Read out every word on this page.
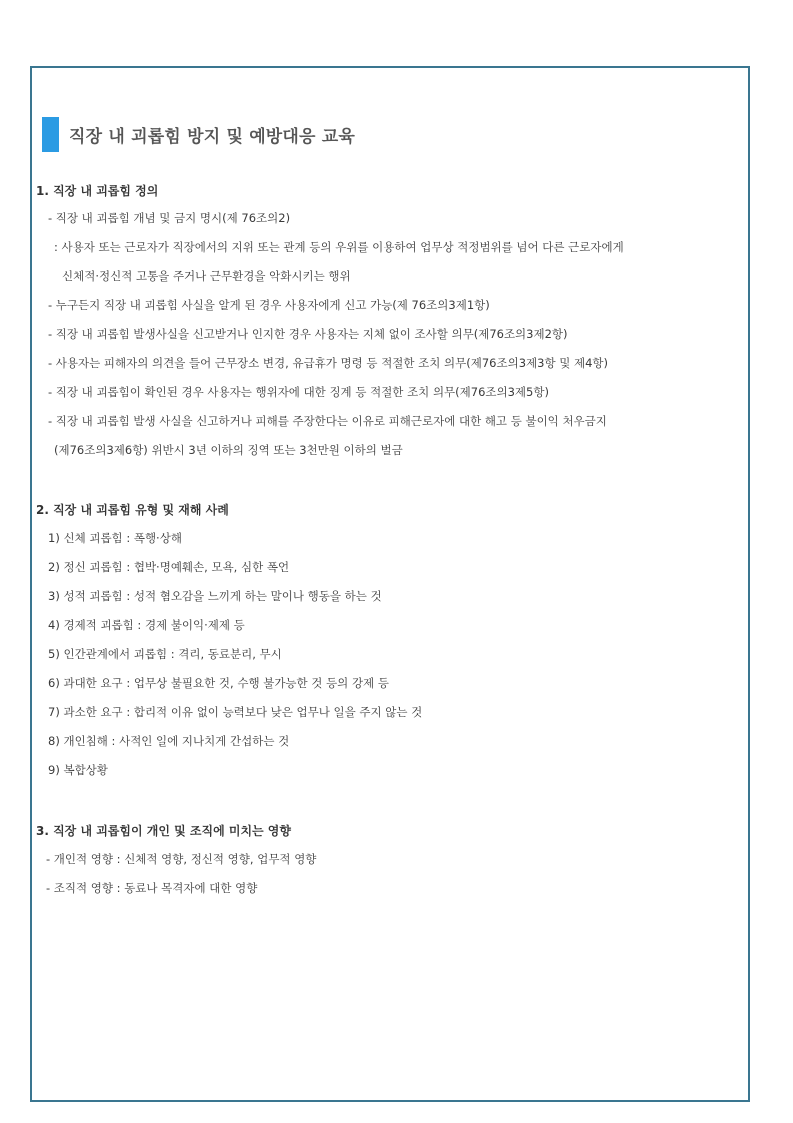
직장 내 괴롭힘 방지 및 예방대응 교육
1. 직장 내 괴롭힘 정의
- 직장 내 괴롭힘 개념 및 금지 명시(제 76조의2)
: 사용자 또는 근로자가 직장에서의 지위 또는 관계 등의 우위를 이용하여 업무상 적정범위를 넘어 다른 근로자에게
신체적·정신적 고통을 주거나 근무환경을 악화시키는 행위
- 누구든지 직장 내 괴롭힘 사실을 알게 된 경우 사용자에게 신고 가능(제 76조의3제1항)
- 직장 내 괴롭힘 발생사실을 신고받거나 인지한 경우 사용자는 지체 없이 조사할 의무(제76조의3제2항)
- 사용자는 피해자의 의견을 들어 근무장소 변경, 유급휴가 명령 등 적절한 조치 의무(제76조의3제3항 및 제4항)
- 직장 내 괴롭힘이 확인된 경우 사용자는 행위자에 대한 징계 등 적절한 조치 의무(제76조의3제5항)
- 직장 내 괴롭힘 발생 사실을 신고하거나 피해를 주장한다는 이유로 피해근로자에 대한 해고 등 불이익 처우금지
(제76조의3제6항) 위반시 3년 이하의 징역 또는 3천만원 이하의 벌금
2. 직장 내 괴롭힘 유형 및 재해 사례
1) 신체 괴롭힘 : 폭행·상해
2) 정신 괴롭힘 : 협박·명예훼손, 모욕, 심한 폭언
3) 성적 괴롭힘 : 성적 혐오감을 느끼게 하는 말이나 행동을 하는 것
4) 경제적 괴롭힘 : 경제 불이익·제제 등
5) 인간관계에서 괴롭힘 : 격리, 동료분리, 무시
6) 과대한 요구 : 업무상 불필요한 것, 수행 불가능한 것 등의 강제 등
7) 과소한 요구 : 합리적 이유 없이 능력보다 낮은 업무나 일을 주지 않는 것
8) 개인침해 : 사적인 일에 지나치게 간섭하는 것
9) 복합상황
3. 직장 내 괴롭힘이 개인 및 조직에 미치는 영향
- 개인적 영향 : 신체적 영향, 정신적 영향, 업무적 영향
- 조직적 영향 : 동료나 목격자에 대한 영향
